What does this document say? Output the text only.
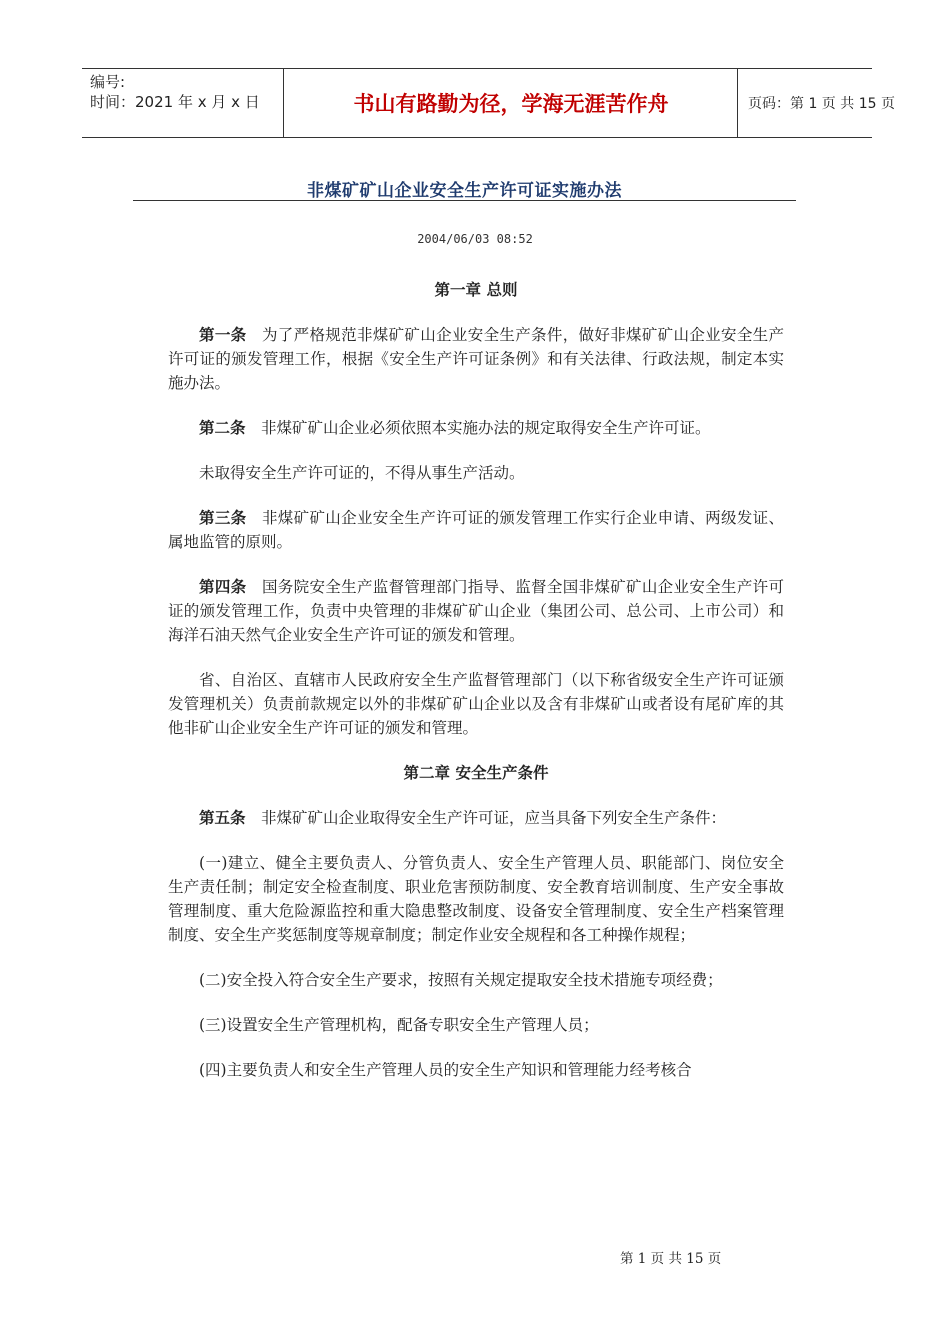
编号:
时间：2021 年 x 月 x 日	书山有路勤为径，学海无涯苦作舟	页码：第 1 页 共 15 页
非煤矿矿山企业安全生产许可证实施办法
2004/06/03 08:52
第一章 总则

第一条 为了严格规范非煤矿矿山企业安全生产条件，做好非煤矿矿山企业安全生产许可证的颁发管理工作，根据《安全生产许可证条例》和有关法律、行政法规，制定本实施办法。

第二条 非煤矿矿山企业必须依照本实施办法的规定取得安全生产许可证。

未取得安全生产许可证的，不得从事生产活动。

第三条 非煤矿矿山企业安全生产许可证的颁发管理工作实行企业申请、两级发证、属地监管的原则。

第四条 国务院安全生产监督管理部门指导、监督全国非煤矿矿山企业安全生产许可证的颁发管理工作，负责中央管理的非煤矿矿山企业（集团公司、总公司、上市公司）和海洋石油天然气企业安全生产许可证的颁发和管理。

省、自治区、直辖市人民政府安全生产监督管理部门（以下称省级安全生产许可证颁发管理机关）负责前款规定以外的非煤矿矿山企业以及含有非煤矿山或者设有尾矿库的其他非矿山企业安全生产许可证的颁发和管理。

第二章 安全生产条件

第五条 非煤矿矿山企业取得安全生产许可证，应当具备下列安全生产条件：

(一)建立、健全主要负责人、分管负责人、安全生产管理人员、职能部门、岗位安全生产责任制；制定安全检查制度、职业危害预防制度、安全教育培训制度、生产安全事故管理制度、重大危险源监控和重大隐患整改制度、设备安全管理制度、安全生产档案管理制度、安全生产奖惩制度等规章制度；制定作业安全规程和各工种操作规程；

(二)安全投入符合安全生产要求，按照有关规定提取安全技术措施专项经费；

(三)设置安全生产管理机构，配备专职安全生产管理人员；

(四)主要负责人和安全生产管理人员的安全生产知识和管理能力经考核合

第 1 页 共 15 页
